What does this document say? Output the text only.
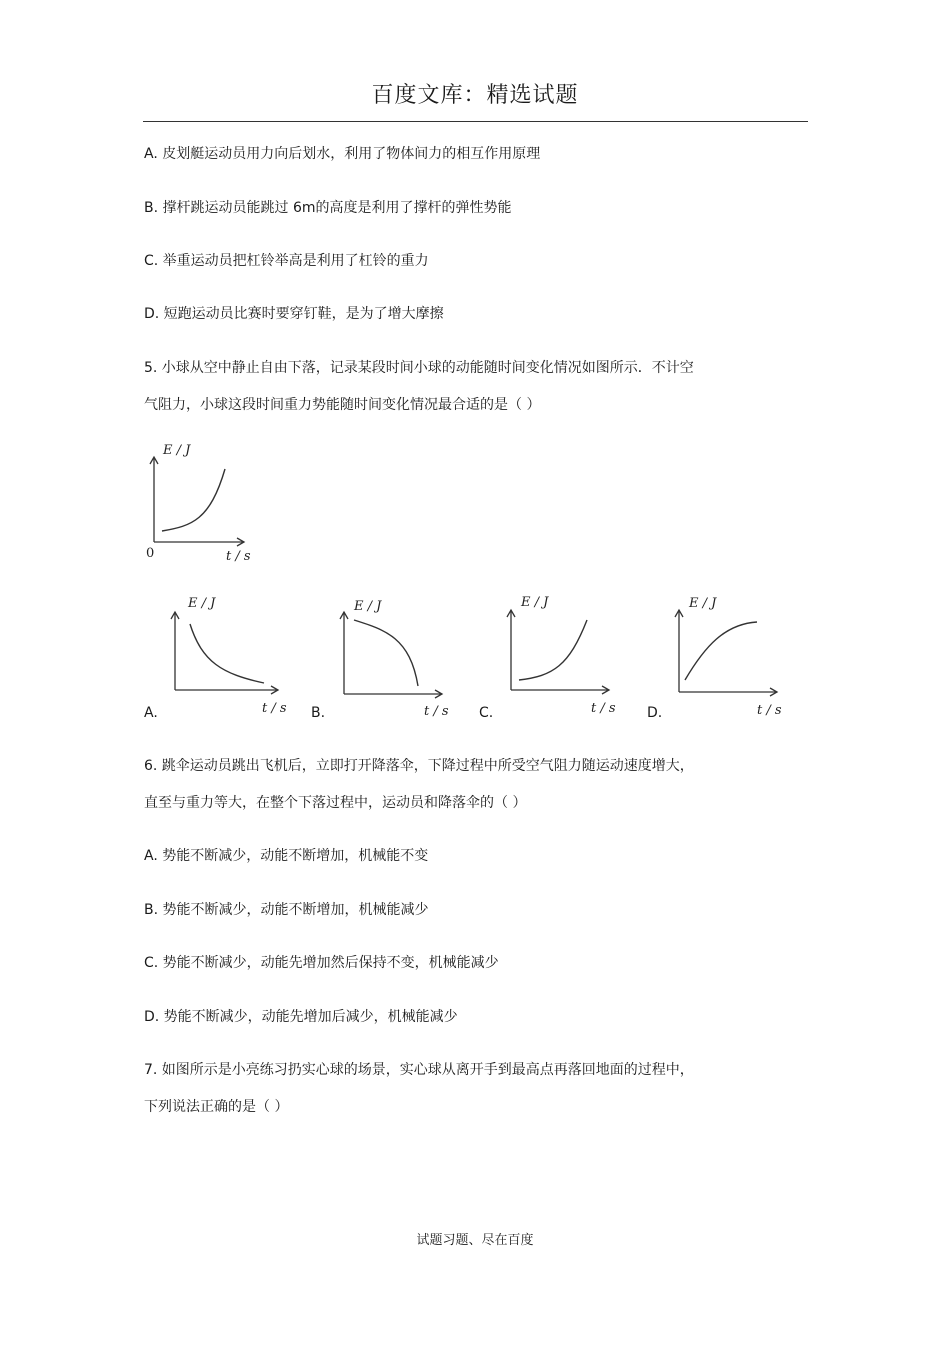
百度文库：精选试题
A. 皮划艇运动员用力向后划水，利用了物体间力的相互作用原理
B. 撑杆跳运动员能跳过 6m的高度是利用了撑杆的弹性势能
C. 举重运动员把杠铃举高是利用了杠铃的重力
D. 短跑运动员比赛时要穿钉鞋，是为了增大摩擦
5. 小球从空中静止自由下落，记录某段时间小球的动能随时间变化情况如图所示．不计空
气阻力，小球这段时间重力势能随时间变化情况最合适的是（ ）
E / J
t / s
0
E / J
t / s
A.
E / J
t / s
B.
E / J
t / s
C.
E / J
t / s
D.
6. 跳伞运动员跳出飞机后，立即打开降落伞，下降过程中所受空气阻力随运动速度增大，
直至与重力等大，在整个下落过程中，运动员和降落伞的（ ）
A. 势能不断减少，动能不断增加，机械能不变
B. 势能不断减少，动能不断增加，机械能减少
C. 势能不断减少，动能先增加然后保持不变，机械能减少
D. 势能不断减少，动能先增加后减少，机械能减少
7. 如图所示是小亮练习扔实心球的场景，实心球从离开手到最高点再落回地面的过程中，
下列说法正确的是（ ）
试题习题、尽在百度
